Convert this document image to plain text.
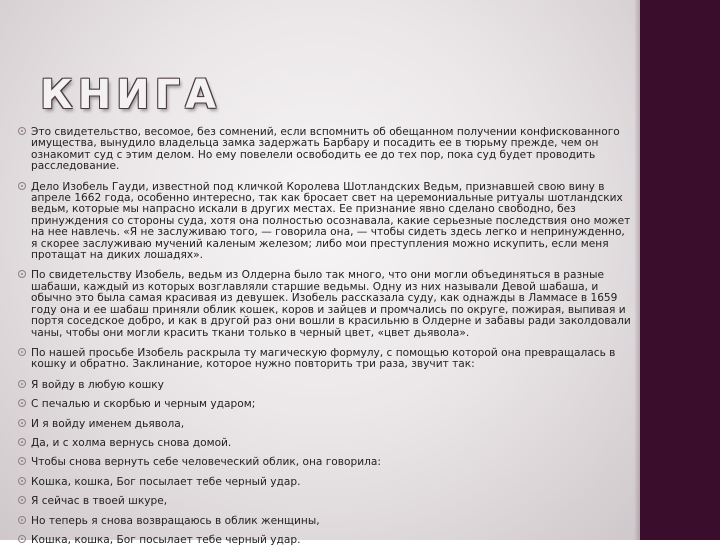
КНИГА
Это свидетельство, весомое, без сомнений, если вспомнить об обещанном получении конфискованного имущества, вынудило владельца замка задержать Барбару и посадить ее в тюрьму прежде, чем он ознакомит суд с этим делом. Но ему повелели освободить ее до тех пор, пока суд будет проводить расследование.
Дело Изобель Гауди, известной под кличкой Королева Шотландских Ведьм, признавшей свою вину в апреле 1662 года, особенно интересно, так как бросает свет на церемониальные ритуалы шотландских ведьм, которые мы напрасно искали в других местах. Ее признание явно сделано свободно, без принуждения со стороны суда, хотя она полностью осознавала, какие серьезные последствия оно может на нее навлечь. «Я не заслуживаю того, — говорила она, — чтобы сидеть здесь легко и непринужденно, я скорее заслуживаю мучений каленым железом; либо мои преступления можно искупить, если меня протащат на диких лошадях».
По свидетельству Изобель, ведьм из Олдерна было так много, что они могли объединяться в разные шабаши, каждый из которых возглавляли старшие ведьмы. Одну из них называли Девой шабаша, и обычно это была самая красивая из девушек. Изобель рассказала суду, как однажды в Ламмасе в 1659 году она и ее шабаш приняли облик кошек, коров и зайцев и промчались по округе, пожирая, выпивая и портя соседское добро, и как в другой раз они вошли в красильню в Олдерне и забавы ради заколдовали чаны, чтобы они могли красить ткани только в черный цвет, «цвет дьявола».
По нашей просьбе Изобель раскрыла ту магическую формулу, с помощью которой она превращалась в кошку и обратно. Заклинание, которое нужно повторить три раза, звучит так:
Я войду в любую кошку
С печалью и скорбью и черным ударом;
И я войду именем дьявола,
Да, и с холма вернусь снова домой.
Чтобы снова вернуть себе человеческий облик, она говорила:
Кошка, кошка, Бог посылает тебе черный удар.
Я сейчас в твоей шкуре,
Но теперь я снова возвращаюсь в облик женщины,
Кошка, кошка, Бог посылает тебе черный удар.
